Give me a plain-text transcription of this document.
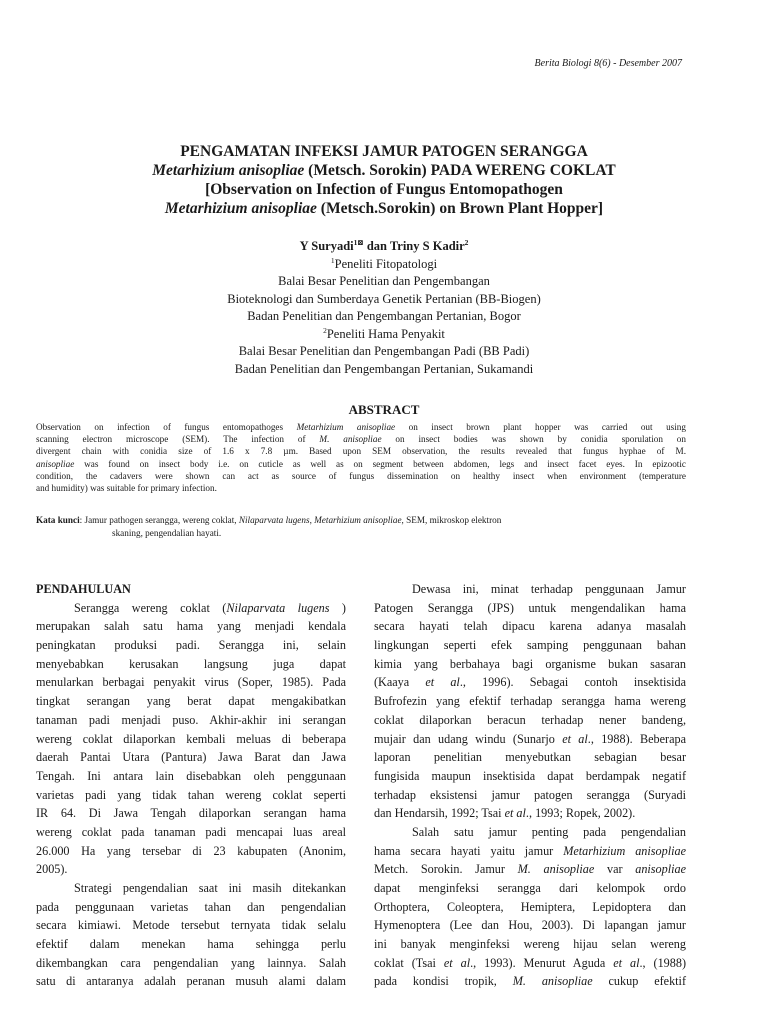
Berita Biologi 8(6) - Desember 2007
PENGAMATAN INFEKSI JAMUR PATOGEN SERANGGA
Metarhizium anisopliae (Metsch. Sorokin) PADA WERENG COKLAT
[Observation on Infection of Fungus Entomopathogen
Metarhizium anisopliae (Metsch.Sorokin) on Brown Plant Hopper]
Y Suryadi$^{1⊠}$ dan Triny S Kadir$^2$
$^1$Peneliti Fitopatologi
Balai Besar Penelitian dan Pengembangan
Bioteknologi dan Sumberdaya Genetik Pertanian (BB-Biogen)
Badan Penelitian dan Pengembangan Pertanian, Bogor
$^2$Peneliti Hama Penyakit
Balai Besar Penelitian dan Pengembangan Padi (BB Padi)
Badan Penelitian dan Pengembangan Pertanian, Sukamandi
ABSTRACT
Observation on infection of fungus entomopathoges Metarhizium anisopliae on insect brown plant hopper was carried out using
scanning electron microscope (SEM). The infection of M. anisopliae on insect bodies was shown by conidia sporulation on
divergent chain with conidia size of 1.6 x 7.8 µm. Based upon SEM observation, the results revealed that fungus hyphae of M.
anisopliae was found on insect body i.e. on cuticle as well as on segment between abdomen, legs and insect facet eyes. In epizootic
condition, the cadavers were shown can act as source of fungus dissemination on healthy insect when environment (temperature
and humidity) was suitable for primary infection.
Kata kunci: Jamur pathogen serangga, wereng coklat, Nilaparvata lugens, Metarhizium anisopliae, SEM, mikroskop elektron
skaning, pengendalian hayati.
PENDAHULUAN
Serangga wereng coklat (Nilaparvata lugens )
merupakan salah satu hama yang menjadi kendala
peningkatan produksi padi. Serangga ini, selain
menyebabkan kerusakan langsung juga dapat
menularkan berbagai penyakit virus (Soper, 1985). Pada
tingkat serangan yang berat dapat mengakibatkan
tanaman padi menjadi puso. Akhir-akhir ini serangan
wereng coklat dilaporkan kembali meluas di beberapa
daerah Pantai Utara (Pantura) Jawa Barat dan Jawa
Tengah. Ini antara lain disebabkan oleh penggunaan
varietas padi yang tidak tahan wereng coklat seperti
IR 64. Di Jawa Tengah dilaporkan serangan hama
wereng coklat pada tanaman padi mencapai luas areal
26.000 Ha yang tersebar di 23 kabupaten (Anonim,
2005).
Strategi pengendalian saat ini masih ditekankan
pada penggunaan varietas tahan dan pengendalian
secara kimiawi. Metode tersebut ternyata tidak selalu
efektif dalam menekan hama sehingga perlu
dikembangkan cara pengendalian yang lainnya. Salah
satu di antaranya adalah peranan musuh alami dalam
Dewasa ini, minat terhadap penggunaan Jamur
Patogen Serangga (JPS) untuk mengendalikan hama
secara hayati telah dipacu karena adanya masalah
lingkungan seperti efek samping penggunaan bahan
kimia yang berbahaya bagi organisme bukan sasaran
(Kaaya et al., 1996). Sebagai contoh insektisida
Bufrofezin yang efektif terhadap serangga hama wereng
coklat dilaporkan beracun terhadap nener bandeng,
mujair dan udang windu (Sunarjo et al., 1988). Beberapa
laporan penelitian menyebutkan sebagian besar
fungisida maupun insektisida dapat berdampak negatif
terhadap eksistensi jamur patogen serangga (Suryadi
dan Hendarsih, 1992; Tsai et al., 1993; Ropek, 2002).
Salah satu jamur penting pada pengendalian
hama secara hayati yaitu jamur Metarhizium anisopliae
Metch. Sorokin. Jamur M. anisopliae var anisopliae
dapat menginfeksi serangga dari kelompok ordo
Orthoptera, Coleoptera, Hemiptera, Lepidoptera dan
Hymenoptera (Lee dan Hou, 2003). Di lapangan jamur
ini banyak menginfeksi wereng hijau selan wereng
coklat (Tsai et al., 1993). Menurut Aguda et al., (1988)
pada kondisi tropik, M. anisopliae cukup efektif
